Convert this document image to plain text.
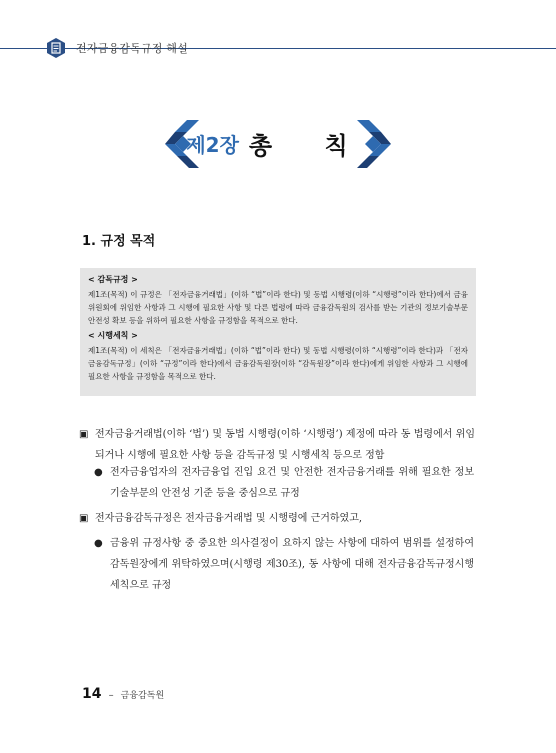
전자금융감독규정 해설
제2장 총 칙
1. 규정 목적
< 감독규정 >
제1조(목적) 이 규정은 「전자금융거래법」(이하 “법”이라 한다) 및 동법 시행령(이하 “시행령”이라 한다)에서 금융위원회에 위임한 사항과 그 시행에 필요한 사항 및 다른 법령에 따라 금융감독원의 검사를 받는 기관의 정보기술부문 안전성 확보 등을 위하여 필요한 사항을 규정함을 목적으로 한다.
< 시행세칙 >
제1조(목적) 이 세칙은 「전자금융거래법」(이하 “법”이라 한다) 및 동법 시행령(이하 “시행령”이라 한다)과 「전자금융감독규정」(이하 “규정”이라 한다)에서 금융감독원장(이하 “감독원장”이라 한다)에게 위임한 사항과 그 시행에 필요한 사항을 규정함을 목적으로 한다.
▣ 전자금융거래법(이하 ‘법’) 및 동법 시행령(이하 ‘시행령’) 제정에 따라 동 법령에서 위임되거나 시행에 필요한 사항 등을 감독규정 및 시행세칙 등으로 정함
● 전자금융업자의 전자금융업 진입 요건 및 안전한 전자금융거래를 위해 필요한 정보기술부문의 안전성 기준 등을 중심으로 규정
▣ 전자금융감독규정은 전자금융거래법 및 시행령에 근거하였고,
● 금융위 규정사항 중 중요한 의사결정이 요하지 않는 사항에 대하여 범위를 설정하여 감독원장에게 위탁하였으며(시행령 제30조), 동 사항에 대해 전자금융감독규정시행세칙으로 규정
14 – 금융감독원
